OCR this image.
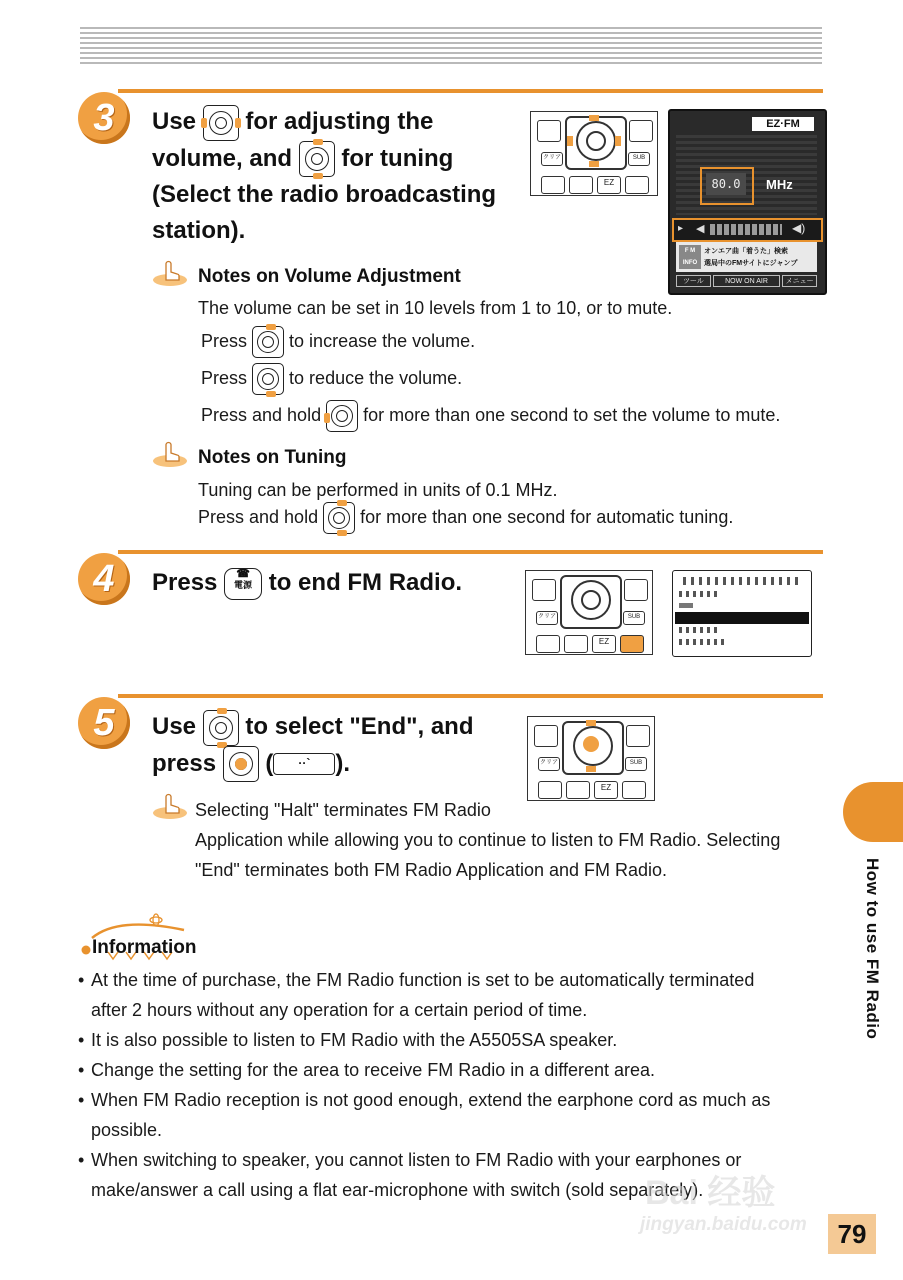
3	Use for adjusting the
volume, and for tuning
(Select the radio broadcasting
station).
クリア	SUB
EZ
EZ·FM
80.0	MHz
▸ ◀	◀)
F M
INFO
オンエア曲「着うた」検索
選局中のFMサイトにジャンプ
ツール	NOW ON AIR	メニュー
Notes on Volume Adjustment
The volume can be set in 10 levels from 1 to 10, or to mute.
Press to increase the volume.
Press to reduce the volume.
Press and hold for more than one second to set the volume to mute.
Notes on Tuning
Tuning can be performed in units of 0.1 MHz.
Press and hold for more than one second for automatic tuning.
4	Press	☎
電源 to end FM Radio.
クリア	SUB
EZ
5	Use to select "End", and
press ( ··` ).	クリア	SUB
EZ
Selecting "Halt" terminates FM Radio
Application while allowing you to continue to listen to FM Radio. Selecting
"End" terminates both FM Radio Application and FM Radio.
Information
• At the time of purchase, the FM Radio function is set to be automatically terminated
after 2 hours without any operation for a certain period of time.
• It is also possible to listen to FM Radio with the A5505SA speaker.
• Change the setting for the area to receive FM Radio in a different area.
• When FM Radio reception is not good enough, extend the earphone cord as much as
possible.
• When switching to speaker, you cannot listen to FM Radio with your earphones or
make/answer a call using a flat ear-microphone with switch (sold separately).
How to use FM Radio
Bai 经验
jingyan.baidu.com	79
